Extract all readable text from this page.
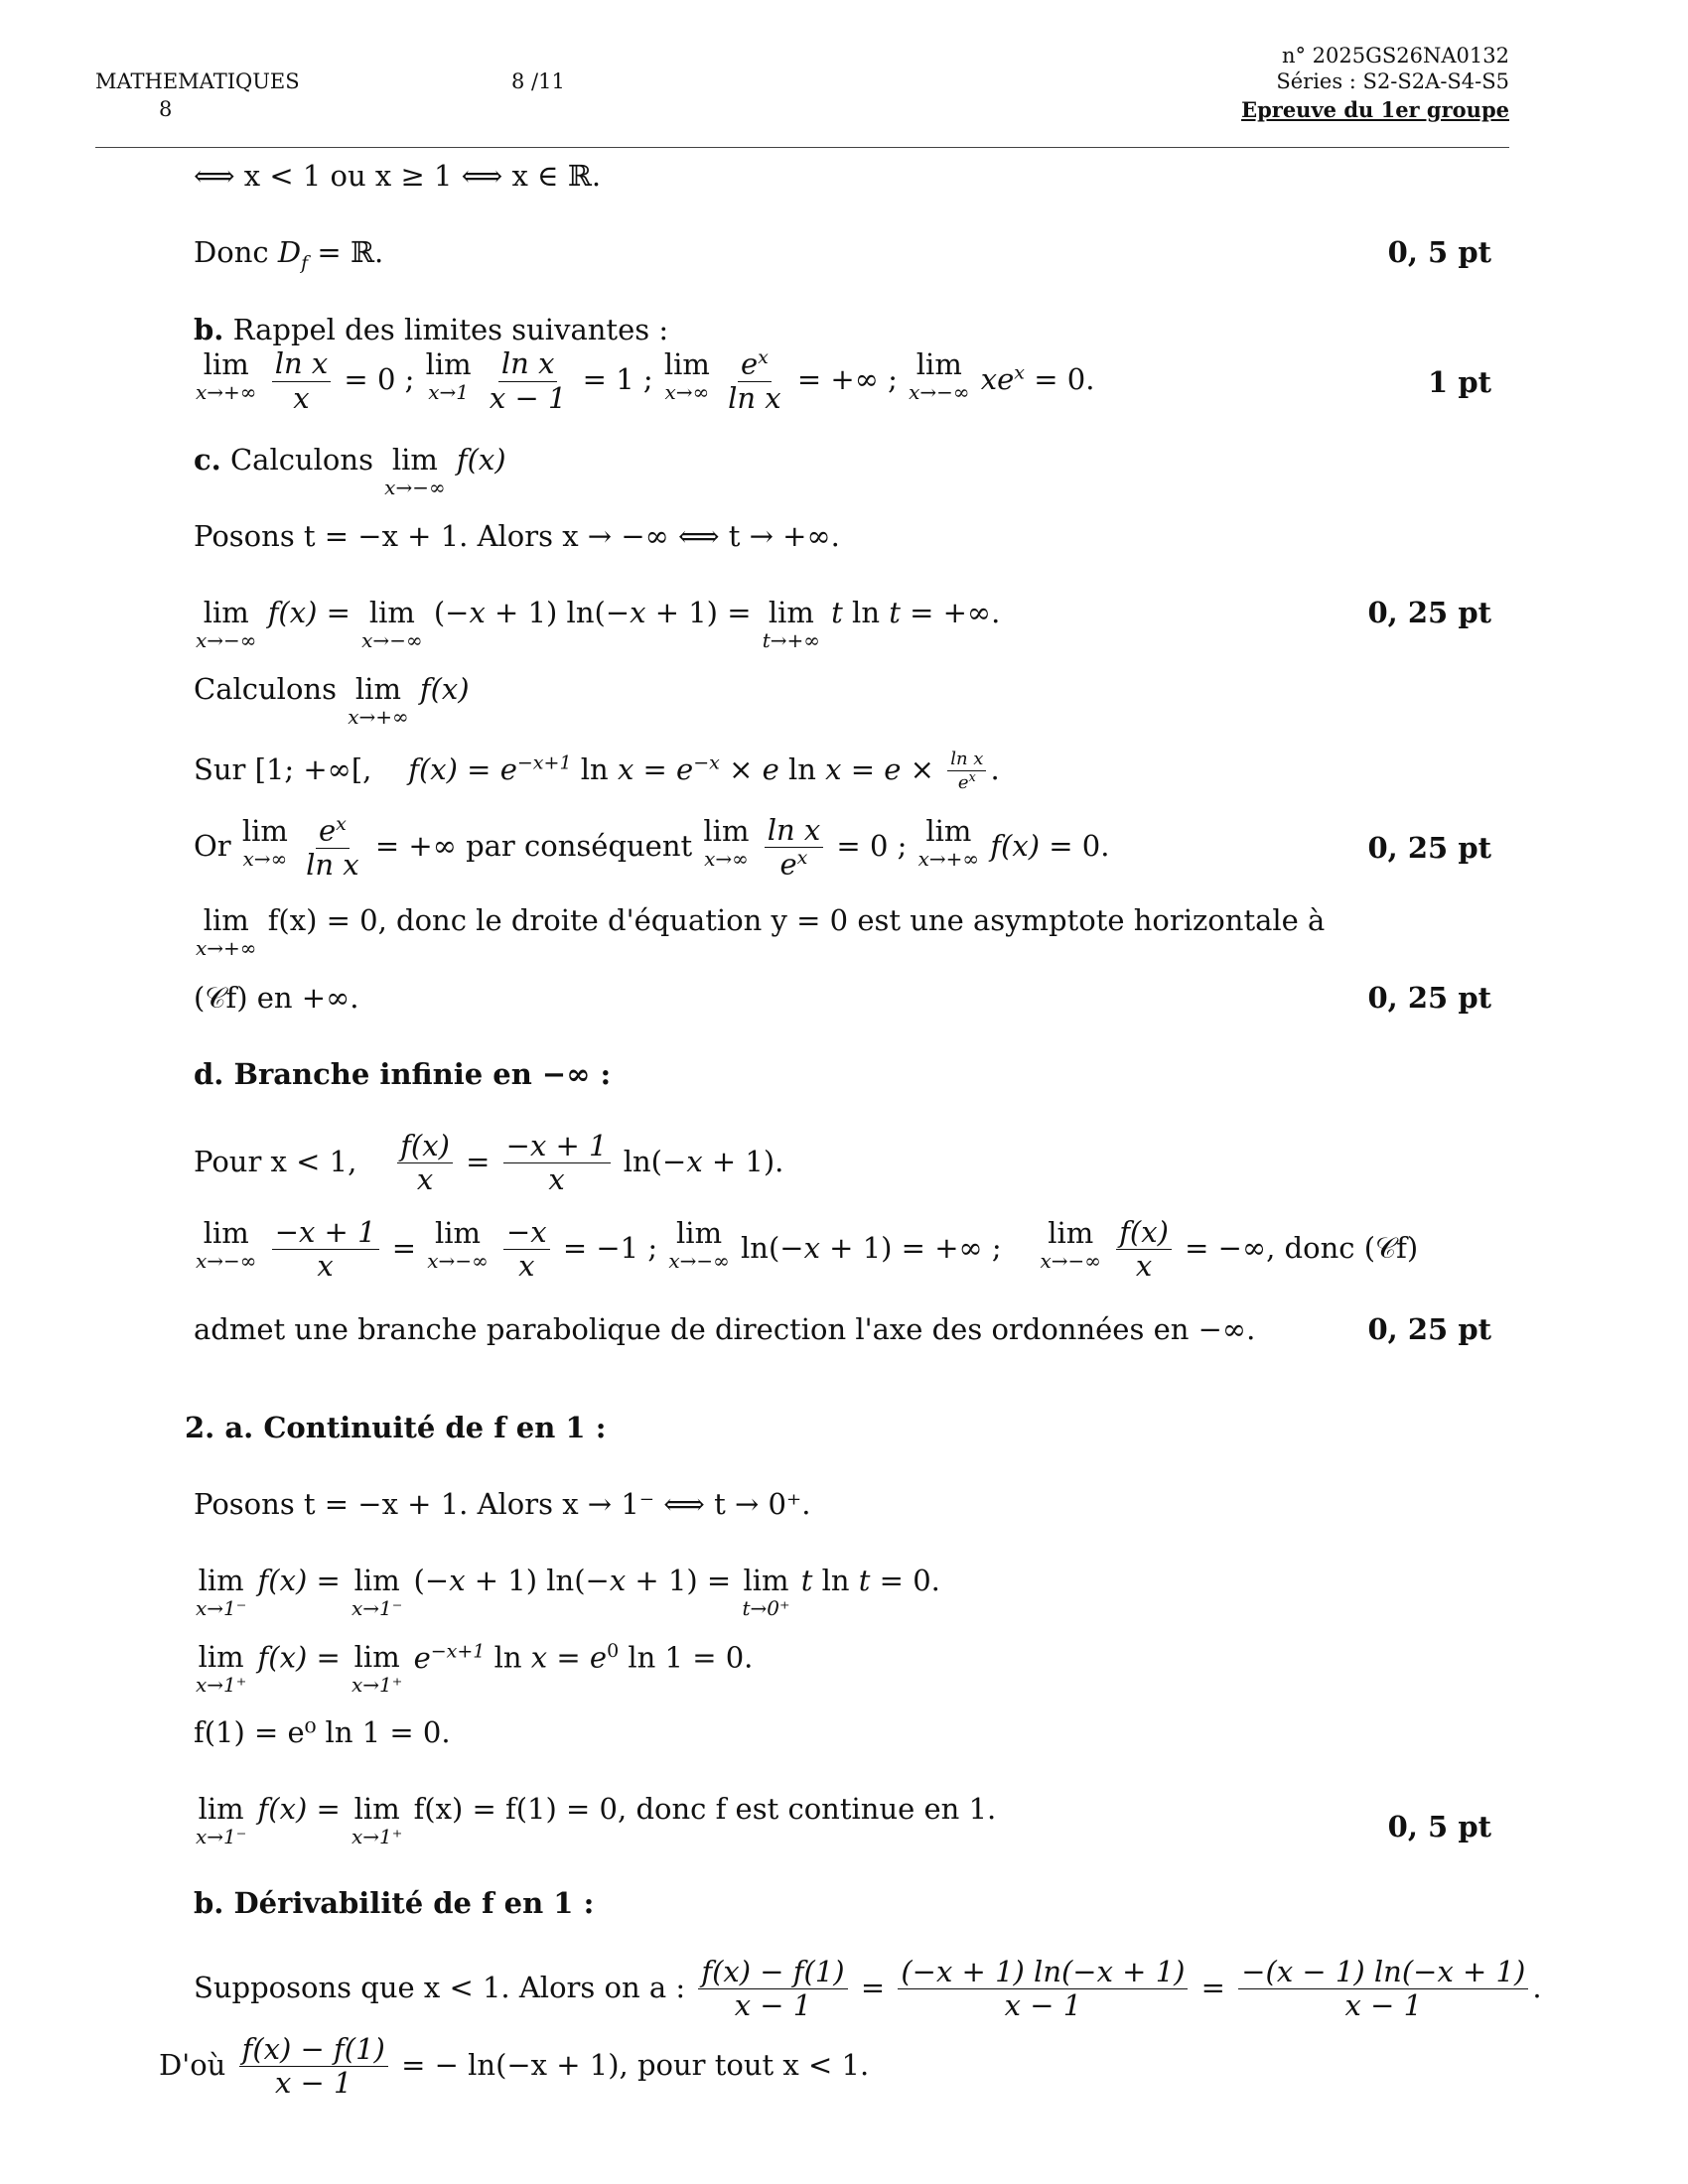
MATHEMATIQUES
8
8 /11
n° 2025GS26NA0132
Séries : S2-S2A-S4-S5
Epreuve du 1er groupe
⟺ x < 1 ou x ≥ 1 ⟺ x ∈ ℝ.
Donc $D_f$ = ℝ.	0, 5 pt
b. Rappel des limites suivantes :
lim
x→+∞
$\frac{\text{ln x}}{x} = 0$ ; lim
x→1
$\frac{\text{ln x}}{x - 1} = 1$ ; lim
x→∞
$\frac{e^x}{\text{ln x}}$ = +∞ ; lim
x→−∞ $xe^x = 0$.	1 pt
c. Calculons lim
x→−∞
f(x)
Posons t = −x + 1. Alors x → −∞ ⟺ t → +∞.
lim
x→−∞
f(x) = lim
x→−∞
(−x + 1) ln(−x + 1) = lim
t→+∞
t ln t = +∞.	0, 25 pt
Calculons lim
x→+∞
f(x)
Sur [1; +∞[, $f(x) = e^{-x+1}$ $\ln x = e^{-x} \times e$ $\ln x = e \times \frac{\text{ln x}}{e^x}$ .
Or lim
x→∞
$\frac{e^x}{\text{ln x}}$ = +∞ par conséquent lim
x→∞
$\frac{\text{ln x}}{e^x} = 0$ ; lim
x→+∞ f(x) = 0.	0, 25 pt
lim
x→+∞
f(x) = 0, donc le droite d'équation y = 0 est une asymptote horizontale à
(𝒞f) en +∞.	0, 25 pt
d. Branche infinie en −∞ :
Pour x < 1, $\frac{f(x)}{x} = \frac{-x + 1}{x} \ln(-x + 1)$.
lim
x→−∞
$\frac{-x + 1}{x} = \lim$
x→−∞
$\frac{-x}{x} = -1$ ; lim
x→−∞ ln(−x + 1) = +∞ ; lim
x→−∞
$\frac{f(x)}{x}$ = −∞, donc (𝒞f)
admet une branche parabolique de direction l'axe des ordonnées en −∞.	0, 25 pt
2. a. Continuité de f en 1 :
Posons t = −x + 1. Alors x → 1⁻ ⟺ t → 0⁺.
lim
x→1⁻
f(x) = lim
x→1⁻
(−x + 1) ln(−x + 1) = lim
t→0⁺
t ln t = 0.
lim
x→1⁺
f(x) = lim
x→1⁺
$e^{-x+1}$ $\ln x = e^0$ ln 1 = 0.
f(1) = e⁰ ln 1 = 0.
lim
x→1⁻
f(x) = lim
x→1⁺
f(x) = f(1) = 0, donc f est continue en 1.
0, 5 pt
b. Dérivabilité de f en 1 :
Supposons que x < 1. Alors on a : $\frac{f(x) - f(1)}{x - 1} = \frac{(-x + 1) \ln(-x + 1)}{x - 1} = \frac{-(x - 1) \ln(-x + 1)}{x - 1}$ .
D'où $\frac{f(x) - f(1)}{x - 1}$ = − ln(−x + 1), pour tout x < 1.
